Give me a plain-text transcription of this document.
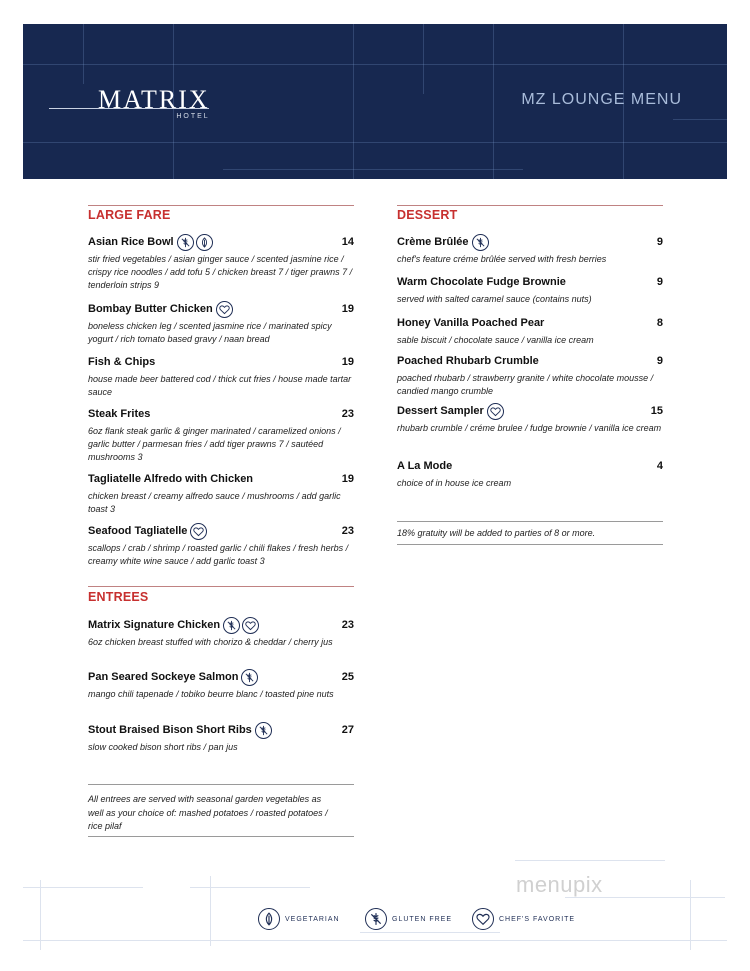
MATRIX
HOTEL
MZ LOUNGE MENU
LARGE FARE
Asian Rice Bowl	14
stir fried vegetables / asian ginger sauce / scented jasmine rice / crispy rice noodles / add tofu 5 / chicken breast 7 / tiger prawns 7 / tenderloin strips 9
Bombay Butter Chicken	19
boneless chicken leg / scented jasmine rice / marinated spicy yogurt / rich tomato based gravy / naan bread
Fish & Chips	19
house made beer battered cod / thick cut fries / house made tartar sauce
Steak Frites	23
6oz flank steak garlic & ginger marinated / caramelized onions / garlic butter / parmesan fries / add tiger prawns 7 / sautéed mushrooms 3
Tagliatelle Alfredo with Chicken	19
chicken breast / creamy alfredo sauce / mushrooms / add garlic toast 3
Seafood Tagliatelle	23
scallops / crab / shrimp / roasted garlic / chili flakes / fresh herbs / creamy white wine sauce / add garlic toast 3
ENTREES
Matrix Signature Chicken	23
6oz chicken breast stuffed with chorizo & cheddar / cherry jus
Pan Seared Sockeye Salmon	25
mango chili tapenade / tobiko beurre blanc / toasted pine nuts
Stout Braised Bison Short Ribs	27
slow cooked bison short ribs / pan jus
All entrees are served with seasonal garden vegetables as well as your choice of: mashed potatoes / roasted potatoes / rice pilaf
DESSERT
Crème Brûlée	9
chef's feature créme brûlée served with fresh berries
Warm Chocolate Fudge Brownie	9
served with salted caramel sauce (contains nuts)
Honey Vanilla Poached Pear	8
sable biscuit / chocolate sauce / vanilla ice cream
Poached Rhubarb Crumble	9
poached rhubarb / strawberry granite / white chocolate mousse / candied mango crumble
Dessert Sampler	15
rhubarb crumble / créme brulee / fudge brownie / vanilla ice cream
A La Mode	4
choice of in house ice cream
18% gratuity will be added to parties of 8 or more.
menupix
VEGETARIAN	GLUTEN FREE	CHEF'S FAVORITE
